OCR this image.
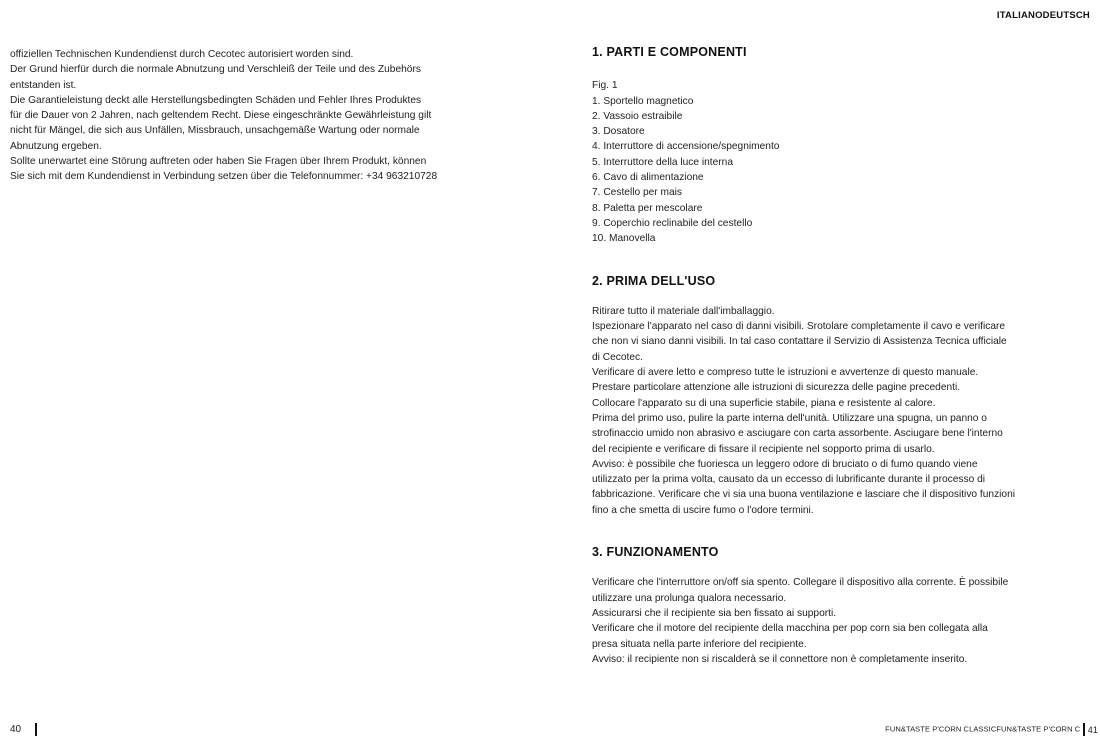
ITALIANODEUTSCH

offiziellen Technischen Kundendienst durch Cecotec autorisiert worden sind.

Der Grund hierfür durch die normale Abnutzung und Verschleiß der Teile und des Zubehörs

entstanden ist.

Die Garantieleistung deckt alle Herstellungsbedingten Schäden und Fehler Ihres Produktes

für die Dauer von 2 Jahren, nach geltendem Recht. Diese eingeschränkte Gewährleistung gilt

nicht für Mängel, die sich aus Unfällen, Missbrauch, unsachgemäße Wartung oder normale

Abnutzung ergeben.

Sollte unerwartet eine Störung auftreten oder haben Sie Fragen über Ihrem Produkt, können

Sie sich mit dem Kundendienst in Verbindung setzen über die Telefonnummer: +34 963210728

1. PARTI E COMPONENTI

Fig. 1

1. Sportello magnetico

2. Vassoio estraibile

3. Dosatore

4. Interruttore di accensione/spegnimento

5. Interruttore della luce interna

6. Cavo di alimentazione

7. Cestello per mais

8. Paletta per mescolare

9. Coperchio reclinabile del cestello

10. Manovella

2. PRIMA DELL'USO

Ritirare tutto il materiale dall'imballaggio.

Ispezionare l'apparato nel caso di danni visibili. Srotolare completamente il cavo e verificare

che non vi siano danni visibili. In tal caso contattare il Servizio di Assistenza Tecnica ufficiale

di Cecotec.

Verificare di avere letto e compreso tutte le istruzioni e avvertenze di questo manuale.

Prestare particolare attenzione alle istruzioni di sicurezza delle pagine precedenti.

Collocare l'apparato su di una superficie stabile, piana e resistente al calore.

Prima del primo uso, pulire la parte interna dell'unità. Utilizzare una spugna, un panno o

strofinaccio umido non abrasivo e asciugare con carta assorbente. Asciugare bene l'interno

del recipiente e verificare di fissare il recipiente nel sopporto prima di usarlo.

Avviso: è possibile che fuoriesca un leggero odore di bruciato o di fumo quando viene

utilizzato per la prima volta, causato da un eccesso di lubrificante durante il processo di

fabbricazione. Verificare che vi sia una buona ventilazione e lasciare che il dispositivo funzioni

fino a che smetta di uscire fumo o l'odore termini.

3. FUNZIONAMENTO

Verificare che l'interruttore on/off sia spento. Collegare il dispositivo alla corrente. È possibile

utilizzare una prolunga qualora necessario.

Assicurarsi che il recipiente sia ben fissato ai supporti.

Verificare che il motore del recipiente della macchina per pop corn sia ben collegata alla

presa situata nella parte inferiore del recipiente.

Avviso: il recipiente non si riscalderà se il connettore non è completamente inserito.

40	FUN&TASTE P'CORN CLASSICFUN&TASTE P'CORN C 41
